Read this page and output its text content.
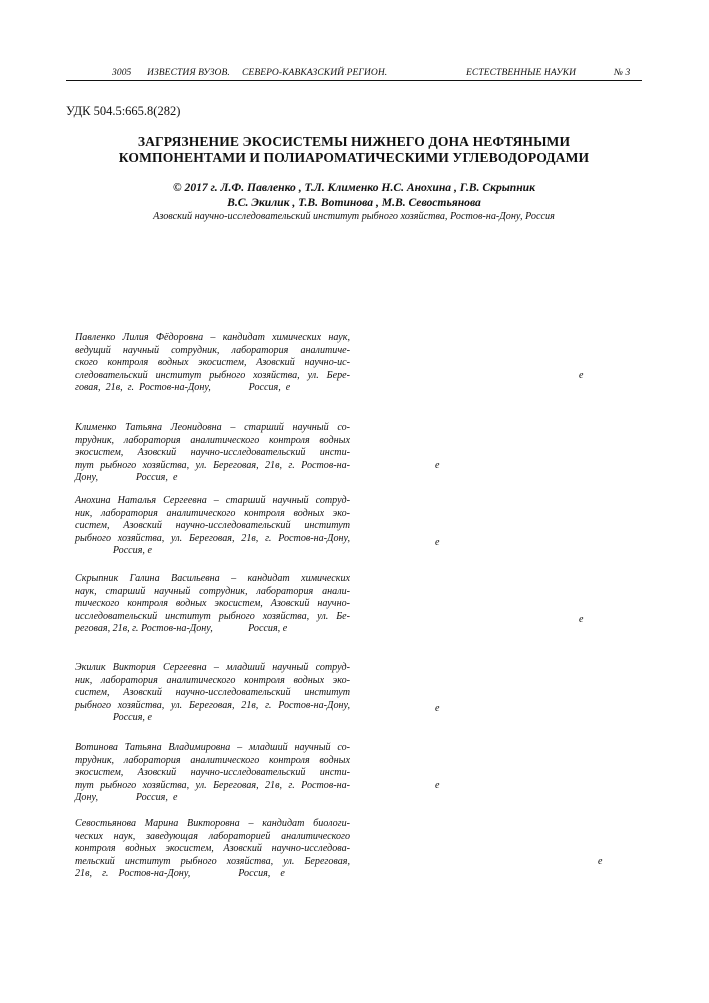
3005 ИЗВЕСТИЯ ВУЗОВ. СЕВЕРО-КАВКАЗСКИЙ РЕГИОН.	ЕСТЕСТВЕННЫЕ НАУКИ	№ 3
УДК 504.5:665.8(282)
ЗАГРЯЗНЕНИЕ ЭКОСИСТЕМЫ НИЖНЕГО ДОНА НЕФТЯНЫМИ
КОМПОНЕНТАМИ И ПОЛИАРОМАТИЧЕСКИМИ УГЛЕВОДОРОДАМИ
© 2017 г. Л.Ф. Павленко , Т.Л. Клименко Н.С. Анохина , Г.В. Скрыпник
В.С. Экилик , Т.В. Вотинова , М.В. Севостьянова
Азовский научно-исследовательский институт рыбного хозяйства, Ростов-на-Дону, Россия
Павленко Лилия Фёдоровна – кандидат химических наук,
ведущий научный сотрудник, лаборатория аналитиче-
ского контроля водных экосистем, Азовский научно-ис-
следовательский институт рыбного хозяйства, ул. Бере-
говая,  21в,  г.  Ростов-на-Дону,               Россия,  e
e
Клименко Татьяна Леонидовна – старший научный со-
трудник, лаборатория аналитического контроля водных
экосистем, Азовский научно-исследовательский инсти-
тут рыбного хозяйства, ул. Береговая, 21в, г. Ростов-на-
Дону,               Россия,  e
e
Анохина Наталья Сергеевна – старший научный сотруд-
ник, лаборатория аналитического контроля водных эко-
систем, Азовский научно-исследовательский институт
рыбного хозяйства, ул. Береговая, 21в, г. Ростов-на-Дону,
Россия, e
e
Скрыпник Галина Васильевна – кандидат химических
наук, старший научный сотрудник, лаборатория анали-
тического контроля водных экосистем, Азовский научно-
исследовательский институт рыбного хозяйства, ул. Бе-
реговая, 21в, г. Ростов-на-Дону,              Россия, e
e
Экилик Виктория Сергеевна – младший научный сотруд-
ник, лаборатория аналитического контроля водных эко-
систем, Азовский научно-исследовательский институт
рыбного хозяйства, ул. Береговая, 21в, г. Ростов-на-Дону,
Россия, e
e
Вотинова Татьяна Владимировна – младший научный со-
трудник, лаборатория аналитического контроля водных
экосистем, Азовский научно-исследовательский инсти-
тут рыбного хозяйства, ул. Береговая, 21в, г. Ростов-на-
Дону,               Россия,  e
e
Севостьянова Марина Викторовна – кандидат биологи-
ческих наук, заведующая лабораторией аналитического
контроля водных экосистем, Азовский научно-исследова-
тельский институт рыбного хозяйства, ул. Береговая,
21в,    г.    Ростов-на-Дону,                   Россия,    e
e
